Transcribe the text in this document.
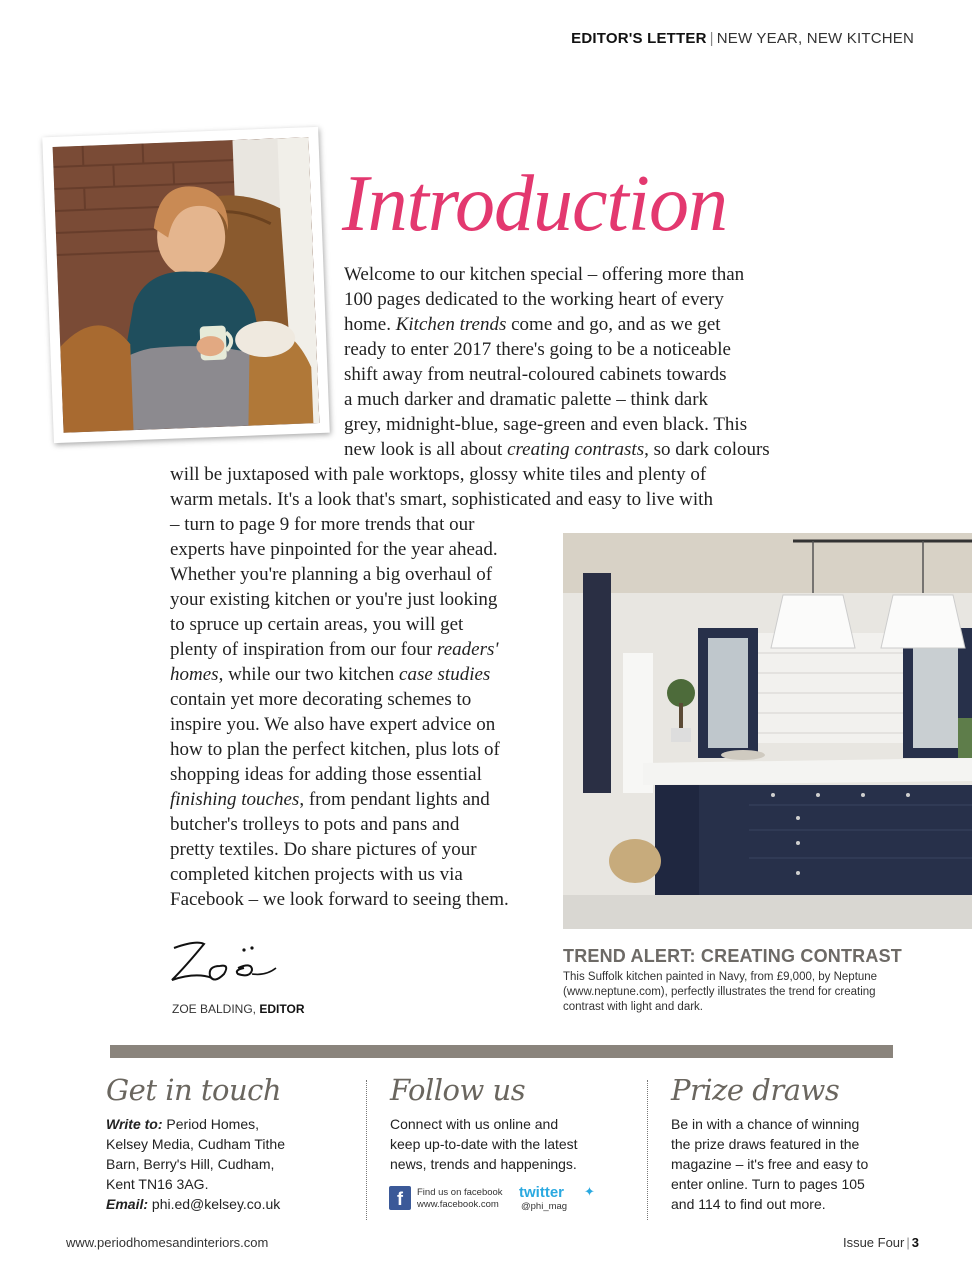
EDITOR'S LETTER | NEW YEAR, NEW KITCHEN
Introduction

Welcome to our kitchen special – offering more than

100 pages dedicated to the working heart of every

home. Kitchen trends come and go, and as we get

ready to enter 2017 there's going to be a noticeable

shift away from neutral-coloured cabinets towards

a much darker and dramatic palette – think dark

grey, midnight-blue, sage-green and even black. This

new look is all about creating contrasts, so dark colours

will be juxtaposed with pale worktops, glossy white tiles and plenty of

warm metals. It's a look that's smart, sophisticated and easy to live with

– turn to page 9 for more trends that our

experts have pinpointed for the year ahead.

Whether you're planning a big overhaul of

your existing kitchen or you're just looking

to spruce up certain areas, you will get

plenty of inspiration from our four readers'

homes, while our two kitchen case studies

contain yet more decorating schemes to

inspire you. We also have expert advice on

how to plan the perfect kitchen, plus lots of

shopping ideas for adding those essential

finishing touches, from pendant lights and

butcher's trolleys to pots and pans and

pretty textiles. Do share pictures of your

completed kitchen projects with us via

Facebook – we look forward to seeing them.

ZOE BALDING, EDITOR
TREND ALERT: CREATING CONTRAST

This Suffolk kitchen painted in Navy, from £9,000, by Neptune

(www.neptune.com), perfectly illustrates the trend for creating

contrast with light and dark.

Get in touch

Write to: Period Homes,

Kelsey Media, Cudham Tithe

Barn, Berry's Hill, Cudham,

Kent TN16 3AG.

Email: phi.ed@kelsey.co.uk

Follow us

Connect with us online and

keep up-to-date with the latest

news, trends and happenings.

f	Find us on facebook

www.facebook.com

twitter ✦
@phi_mag
Prize draws

Be in with a chance of winning

the prize draws featured in the

magazine – it's free and easy to

enter online. Turn to pages 105

and 114 to find out more.

www.periodhomesandinteriors.com	Issue Four | 3
